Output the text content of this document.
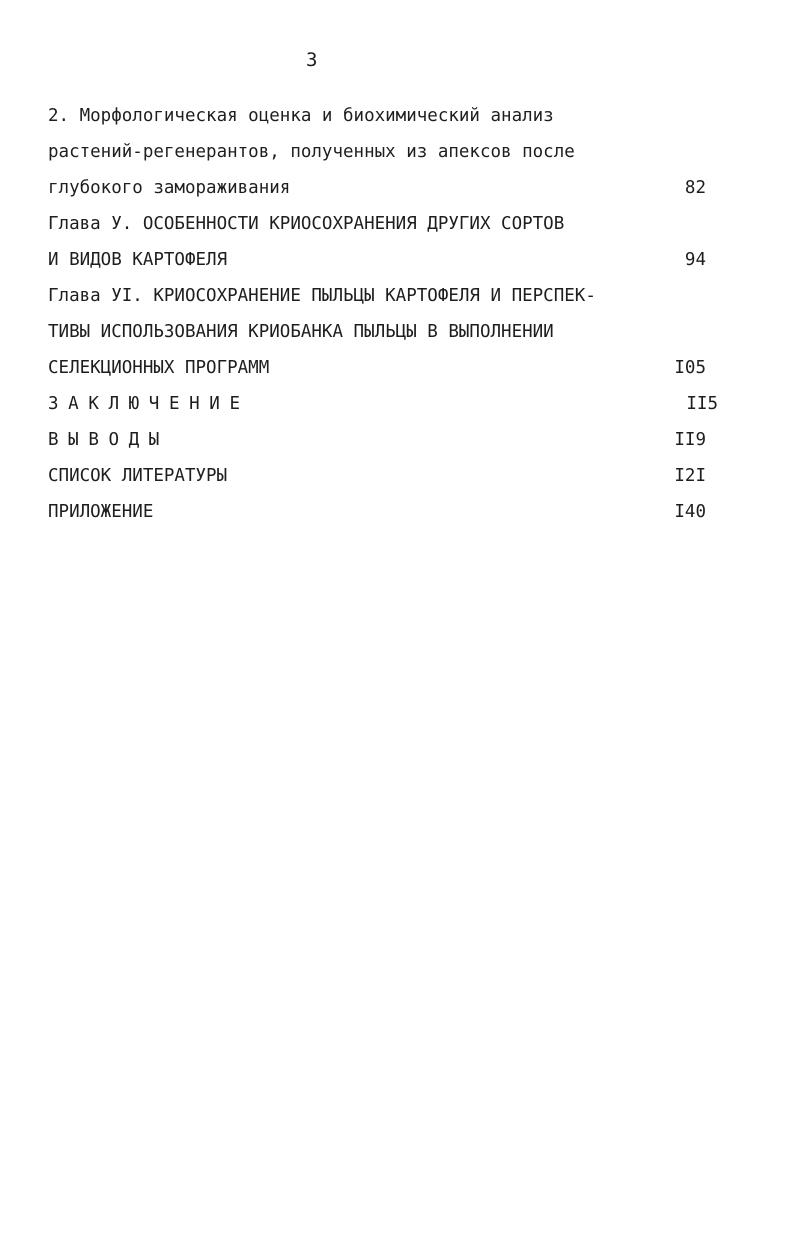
3
2. Морфологическая оценка и биохимический анализ
растений-регенерантов, полученных из апексов после
глубокого замораживания	82
Глава У. ОСОБЕННОСТИ КРИОСОХРАНЕНИЯ ДРУГИХ СОРТОВ
И ВИДОВ КАРТОФЕЛЯ	94
Глава УI. КРИОСОХРАНЕНИЕ ПЫЛЬЦЫ КАРТОФЕЛЯ И ПЕРСПЕК-
ТИВЫ ИСПОЛЬЗОВАНИЯ КРИОБАНКА ПЫЛЬЦЫ В ВЫПОЛНЕНИИ
СЕЛЕКЦИОННЫХ ПРОГРАММ	I05
ЗАКЛЮЧЕНИЕ	II5
ВЫВОДЫ	II9
СПИСОК ЛИТЕРАТУРЫ	I2I
ПРИЛОЖЕНИЕ	I40
